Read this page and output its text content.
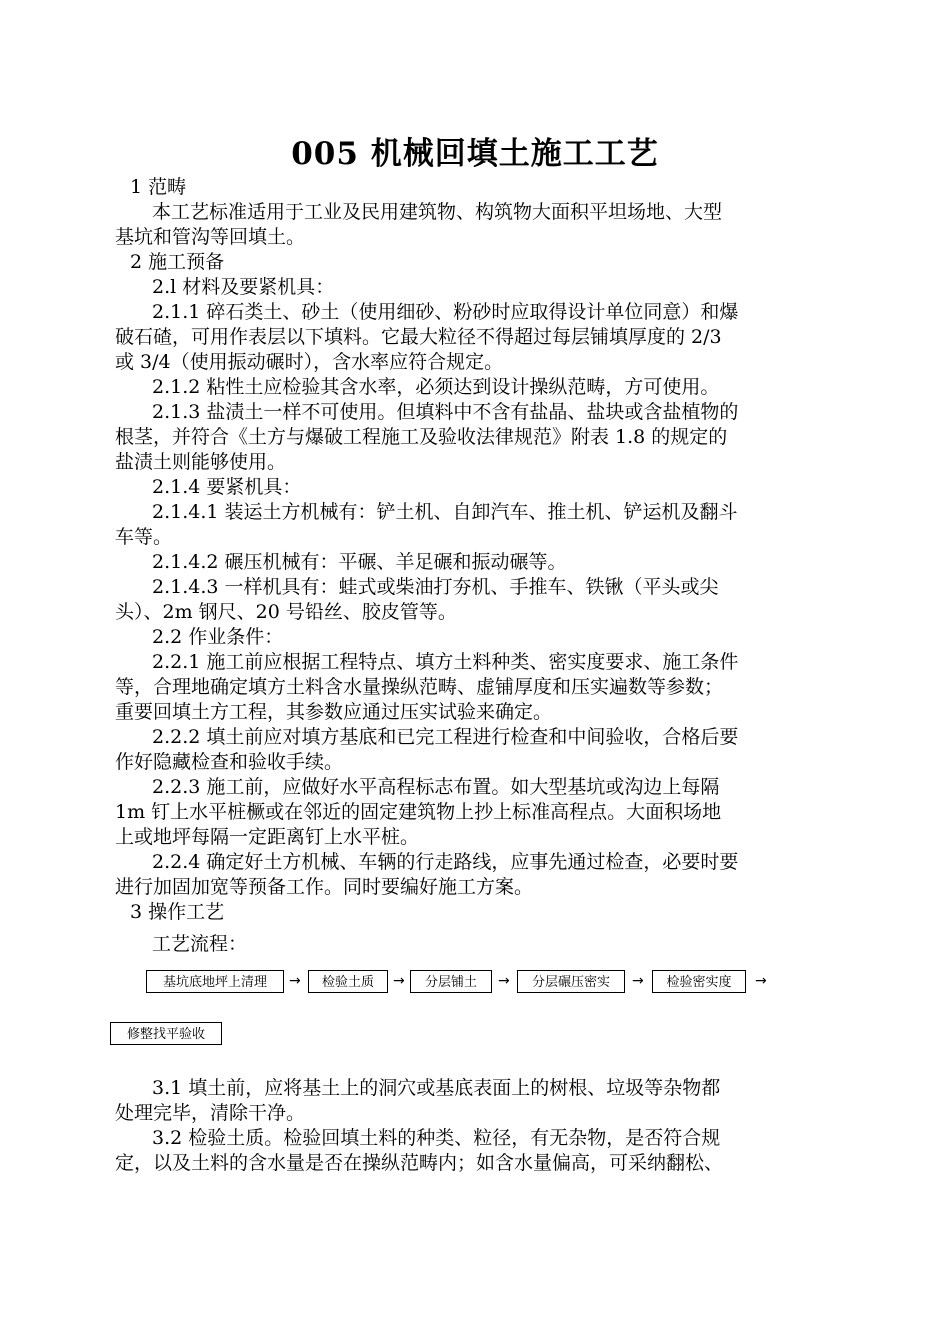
005 机械回填土施工工艺
1 范畴
本工艺标准适用于工业及民用建筑物、构筑物大面积平坦场地、大型
基坑和管沟等回填土。
2 施工预备
2.l 材料及要紧机具：
2.1.1 碎石类土、砂土（使用细砂、粉砂时应取得设计单位同意）和爆
破石碴，可用作表层以下填料。它最大粒径不得超过每层铺填厚度的 2/3
或 3/4（使用振动碾时），含水率应符合规定。
2.1.2 粘性土应检验其含水率，必须达到设计操纵范畴，方可使用。
2.1.3 盐渍土一样不可使用。但填料中不含有盐晶、盐块或含盐植物的
根茎，并符合《土方与爆破工程施工及验收法律规范》附表 1.8 的规定的
盐渍土则能够使用。
2.1.4 要紧机具：
2.1.4.1 装运土方机械有：铲土机、自卸汽车、推土机、铲运机及翻斗
车等。
2.1.4.2 碾压机械有：平碾、羊足碾和振动碾等。
2.1.4.3 一样机具有：蛙式或柴油打夯机、手推车、铁锹（平头或尖
头）、2m 钢尺、20 号铅丝、胶皮管等。
2.2 作业条件：
2.2.1 施工前应根据工程特点、填方土料种类、密实度要求、施工条件
等，合理地确定填方土料含水量操纵范畴、虚铺厚度和压实遍数等参数；
重要回填土方工程，其参数应通过压实试验来确定。
2.2.2 填土前应对填方基底和已完工程进行检查和中间验收，合格后要
作好隐藏检查和验收手续。
2.2.3 施工前，应做好水平高程标志布置。如大型基坑或沟边上每隔
1m 钉上水平桩橛或在邻近的固定建筑物上抄上标准高程点。大面积场地
上或地坪每隔一定距离钉上水平桩。
2.2.4 确定好土方机械、车辆的行走路线，应事先通过检查，必要时要
进行加固加宽等预备工作。同时要编好施工方案。
3 操作工艺
工艺流程：
基坑底地坪上清理	→	检验土质	→	分层铺土	→	分层碾压密实	→	检验密实度	→
修整找平验收
3.1 填土前，应将基土上的洞穴或基底表面上的树根、垃圾等杂物都
处理完毕，清除干净。
3.2 检验土质。检验回填土料的种类、粒径，有无杂物，是否符合规
定，以及土料的含水量是否在操纵范畴内；如含水量偏高，可采纳翻松、
